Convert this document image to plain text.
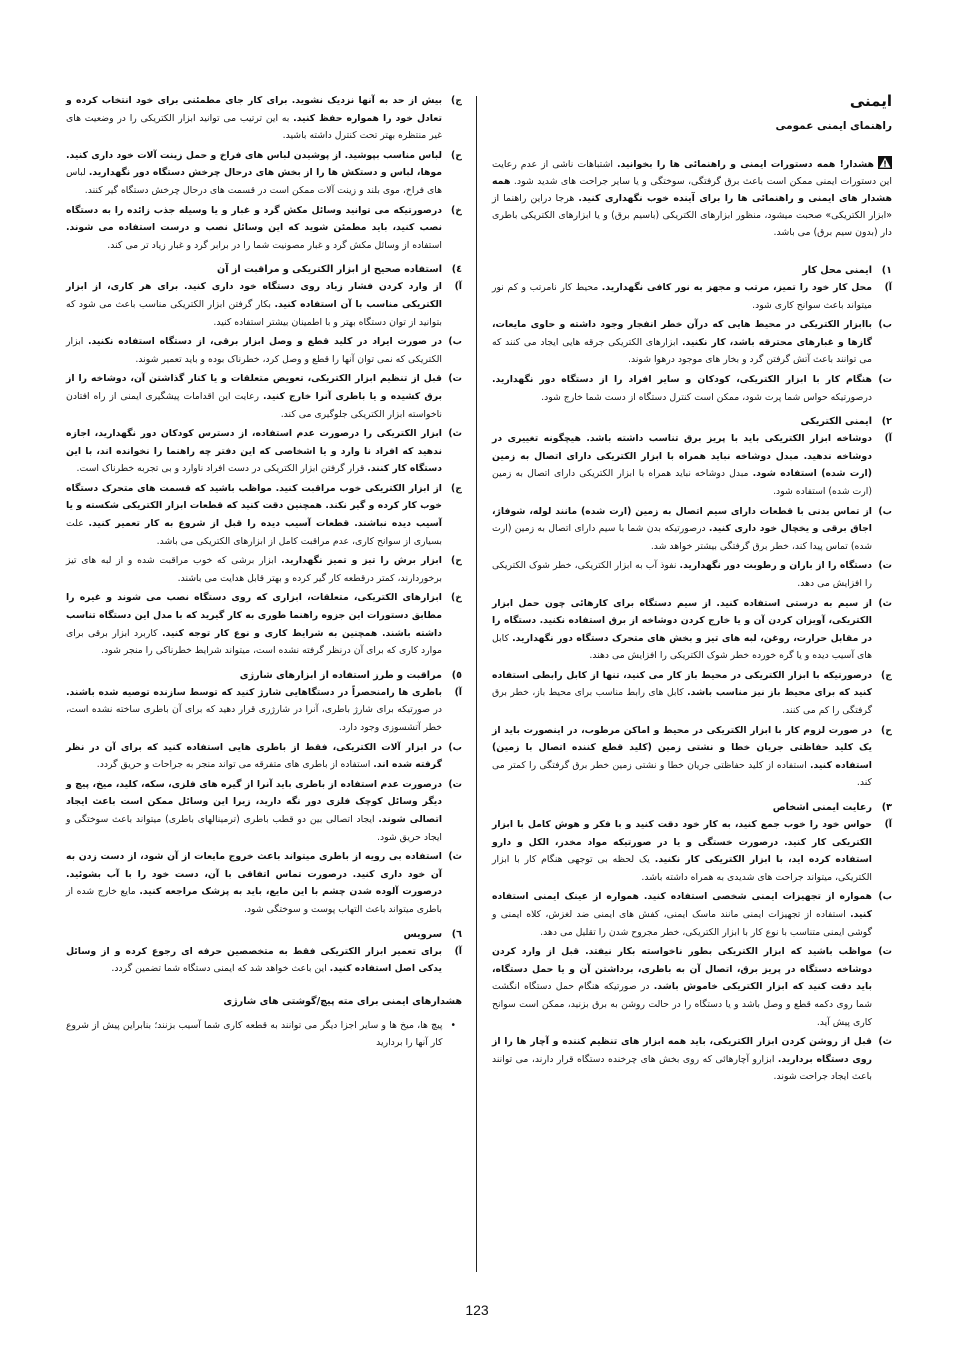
ایمنی
راهنمای ایمنی عمومی
هشدار! همه دستورات ایمنی و راهنمائی ها را بخوانید. اشتباهات ناشی از عدم رعایت این دستورات ایمنی ممکن است باعث برق گرفتگی، سوختگی و یا سایر جراحت های شدید شود. همه هشدار های ایمنی و راهنمائی ها را برای آینده خوب نگهداری کنید. هرجا دراین راهنما از «ابزار الکتریکی» صحبت میشود، منظور ابزارهای الکتریکی (باسیم برق) و یا ابزارهای الکتریکی باطری دار (بدون سیم برق) می باشد.
۱)
ایمنی محل کار
آ)
محل کار خود را تمیز، مرتب و مجهز به نور کافی نگهدارید. محیط کار نامرتب و کم نور میتواند باعث سوانح کاری شود.
ب)
باابزار الکتریکی در محیط هایی که درآن خطر انفجار وجود داشته و حاوی مایعات، گازها و غبارهای محترقه باشد، کار نکنید. ابزارهای الکتریکی جرقه هایی ایجاد می کنند که می توانند باعث آتش گرفتن گرد و بخار های موجود درهوا شوند.
ت)
هنگام کار با ابزار الکتریکی، کودکان و سایر افراد را از دستگاه دور نگهدارید. درصورتیکه حواس شما پرت شود، ممکن است کنترل دستگاه از دست شما خارج شود.
۲)
ایمنی الکتریکی
آ)
دوشاخه ابزار الکتریکی باید با پریز برق تناسب داشته باشد. هیچگونه تغییری در دوشاخه ندهید. مبدل دوشاخه نباید همراه با ابزار الکتریکی دارای اتصال به زمین (ارت شده) استفاده شود. مبدل دوشاخه نباید همراه با ابزار الکتریکی دارای اتصال به زمین (ارت شده) استفاده شود.
ب)
از تماس بدنی با قطعات دارای سیم اتصال به زمین (ارت شده) مانند لوله، شوفاژ، اجاق برقی و یخچال خود داری کنید. درصورتیکه بدن شما با سیم دارای اتصال به زمین (ارت شده) تماس پیدا کند، خطر برق گرفتگی بیشتر خواهد شد.
ت)
دستگاه را از باران و رطوبت دور نگهدارید. نفوذ آب به ابزار الکتریکی، خطر شوک الکتریکی را افزایش می دهد.
ث)
از سیم به درستی استفاده کنید. از سیم دستگاه برای کارهائی چون حمل ابزار الکتریکی، آویزان کردن آن و یا خارج کردن دوشاخه از برق استفاده نکنید. دستگاه را در مقابل حرارت، روغن، لبه های تیز و بخش های متحرک دستگاه دور نگهدارید. کابل های آسیب دیده و یا گره خورده خطر شوک الکتریکی را افزایش می دهند.
ج)
درصورتیکه با ابزار الکتریکی در محیط باز کار می کنید، تنها از کابل رابطی استفاده کنید که برای محیط باز نیز مناسب باشد. کابل های رابط مناسب برای محیط باز، خطر برق گرفتگی را کم می کنند.
ح)
در صورت لزوم کار با ابزار الکتریکی در محیط و اماکن مرطوب، در اینصورت باید از یک کلید حفاظتی جریان خطا و نشتی زمین (کلید قطع کننده اتصال با زمین) استفاده کنید. استفاده از کلید حفاظتی جریان خطا و نشتی زمین خطر برق گرفتگی را کمتر می کند.
۳)
رعایت ایمنی اشخاص
آ)
حواس خود را خوب جمع کنید، به کار خود دقت کنید و با فکر و هوش کامل با ابزار الکتریکی کار کنید. درصورت خستگی و یا در صورتیکه مواد مخدر، الکل و دارو استفاده کرده اید، با ابزار الکتریکی کار نکنید. یک لحظه بی توجهی هنگام کار با ابزار الکتریکی، میتواند جراحت های شدیدی به همراه داشته باشد.
ب)
همواره از تجهیزات ایمنی شخصی استفاده کنید. همواره از عینک ایمنی استفاده کنید. استفاده از تجهیزات ایمنی مانند ماسک ایمنی، کفش های ایمنی ضد لغزش، کلاه ایمنی و گوشی ایمنی متناسب با نوع کار با ابزار الکتریکی، خطر مجروح شدن را تقلیل می دهد.
ت)
مواظب باشید که ابزار الکتریکی بطور ناخواسته بکار نیفتد. قبل از وارد کردن دوشاخه دستگاه در پریز برق، اتصال آن به باطری، برداشتن آن و یا حمل دستگاه، باید دقت کنید که ابزار الکتریکی خاموش باشد. در صورتیکه هنگام حمل دستگاه انگشت شما روی دکمه قطع و وصل باشد و یا دستگاه را در حالت روشن به برق بزنید، ممکن است سوانح کاری پیش آید.
ث)
قبل از روشن کردن ابزار الکتریکی، باید همه ابزار های تنظیم کننده و آچار ها را از روی دستگاه بردارید. ابزارو آچارهائی که روی بخش های چرخنده دستگاه قرار دارند، می توانند باعث ایجاد جراحت شوند.
ج)
بیش از حد به آنها نزدیک نشوید. برای کار جای مطمئنی برای خود انتخاب کرده و تعادل خود را همواره حفظ کنید. به این ترتیب می توانید ابزار الکتریکی را در وضعیت های غیر منتظره بهتر تحت کنترل داشته باشید.
ح)
لباس مناسب بپوشید. از پوشیدن لباس های فراخ و حمل زینت آلات خود داری کنید. موها، لباس و دستکش ها را از بخش های درحال چرخش دستگاه دور نگهدارید. لباس های فراخ، موی بلند و زینت آلات ممکن است در قسمت های درحال چرخش دستگاه گیر کنند.
خ)
درصورتیکه می توانید وسائل مکش گرد و غبار و یا وسیله جذب زائده را به دستگاه نصب کنید، باید مطمئن شوید که این وسائل نصب و درست استفاده می شوند. استفاده از وسائل مکش گرد و غبار مصونیت شما را در برابر گرد و غبار زیاد تر می کند.
٤)
استفاده صحیح از ابزار الکتریکی و مراقبت از آن
آ)
از وارد کردن فشار زیاد روی دستگاه خود داری کنید. برای هر کاری، از ابزار الکتریکی مناسب با آن استفاده کنید. بکار گرفتن ابزار الکتریکی مناسب باعث می شود که بتوانید از توان دستگاه بهتر و با اطمینان بیشتر استفاده کنید.
ب)
در صورت ایراد در کلید قطع و وصل ابزار برقی، از دستگاه استفاده نکنید. ابزار الکتریکی که نمی توان آنها را قطع و وصل کرد، خطرناک بوده و باید تعمیر شوند.
ت)
قبل از تنظیم ابزار الکتریکی، تعویض متعلقات و یا کنار گذاشتن آن، دوشاخه را از برق کشیده و یا باطری آنرا خارج کنید. رعایت این اقدامات پیشگیری ایمنی از راه افتادن ناخواسته ابزار الکتریکی جلوگیری می کند.
ث)
ابزار الکتریکی را درصورت عدم استفاده، از دسترس کودکان دور نگهدارید، اجازه ندهید که افراد نا وارد و یا اشخاصی که این دفتر چه راهنما را نخوانده اند، با این دستگاه کار کنند. قرار گرفتن ابزار الکتریکی در دست افراد ناوارد و بی تجربه خطرناک است.
ج)
از ابزار الکتریکی خوب مراقبت کنید. مواظب باشید که قسمت های متحرک دستگاه خوب کار کرده و گیر نکند. همچنین دقت کنید که قطعات ابزار الکتریکی شکسته و یا آسیب دیده نباشند. قطعات آسیب دیده را قبل از شروع به کار تعمیر کنید. علت بسیاری از سوانح کاری، عدم مراقبت کامل از ابزارهای الکتریکی می باشد.
ح)
ابزار برش را تیز و تمیز نگهدارید. ابزار برشی که خوب مراقبت شده و از لبه های تیز برخوردارند، کمتر درقطعه کار گیر کرده و بهتر قابل هدایت می باشند.
خ)
ابزارهای الکتریکی، متعلقات، ابزاری که روی دستگاه نصب می شوند و غیره را مطابق دستورات این جزوه راهنما طوری به کار گیرید که با مدل این دستگاه تناسب داشته باشند. همچنین به شرایط کاری و نوع کار توجه کنید. کاربرد ابزار برقی برای موارد کاری که برای آن درنظر گرفته نشده است، میتواند شرایط خطرناکی را منجر شود.
٥)
مراقبت و طرز استفاده از ابزارهای شارژی
آ)
باطری ها رامنحصراً در دستگاهایی شارژ کنید که توسط سازنده توصیه شده باشند. در صورتیکه برای شارژ باطری، آنرا در شارژری قرار دهید که برای آن باطری ساخته نشده است، خطر آتشسوزی وجود دارد.
ب)
در ابزار آلات الکتریکی، فقط از باطری هایی استفاده کنید که برای آن در نظر گرفته شده اند. استفاده از باطری های متفرقه می تواند منجر به جراحات و حریق گردد.
ت)
درصورت عدم استفاده از باطری باید آنرا از گیره های فلزی، سکه، کلید، میخ، پیچ و دیگر وسائل کوچک فلزی دور نگه دارید، زیرا این وسائل ممکن است باعث ایجاد اتصالی شوند. ایجاد اتصالی بین دو قطب باطری (ترمینالهای باطری) میتواند باعث سوختگی و ایجاد حریق شود.
ث)
استفاده بی رویه از باطری میتواند باعث خروج مایعات از آن شود، از دست زدن به آن خود داری کنید. درصورت تماس اتفاقی با آن، دست خود را با آب بشوئید. درصورت آلوده شدن چشم با این مایع، باید به پزشک مراجعه کنید. مایع خارج شده از باطری میتواند باعث التهاب پوست و سوختگی شود.
٦)
سرویس
آ)
برای تعمیر ابزار الکتریکی فقط به متخصصین حرفه ای رجوع کرده و از وسائل یدکی اصل استفاده کنید. این باعث خواهد شد که ایمنی دستگاه شما تضمین گردد.
هشدارهای ایمنی برای مته پیچ/گوشتی های شارژی
•
پیچ ها، میخ ها و سایر اجزا دیگر می توانند به قطعه کاری شما آسیب بزنند؛ بنابراین پیش از شروع کار آنها را بردارید
123
